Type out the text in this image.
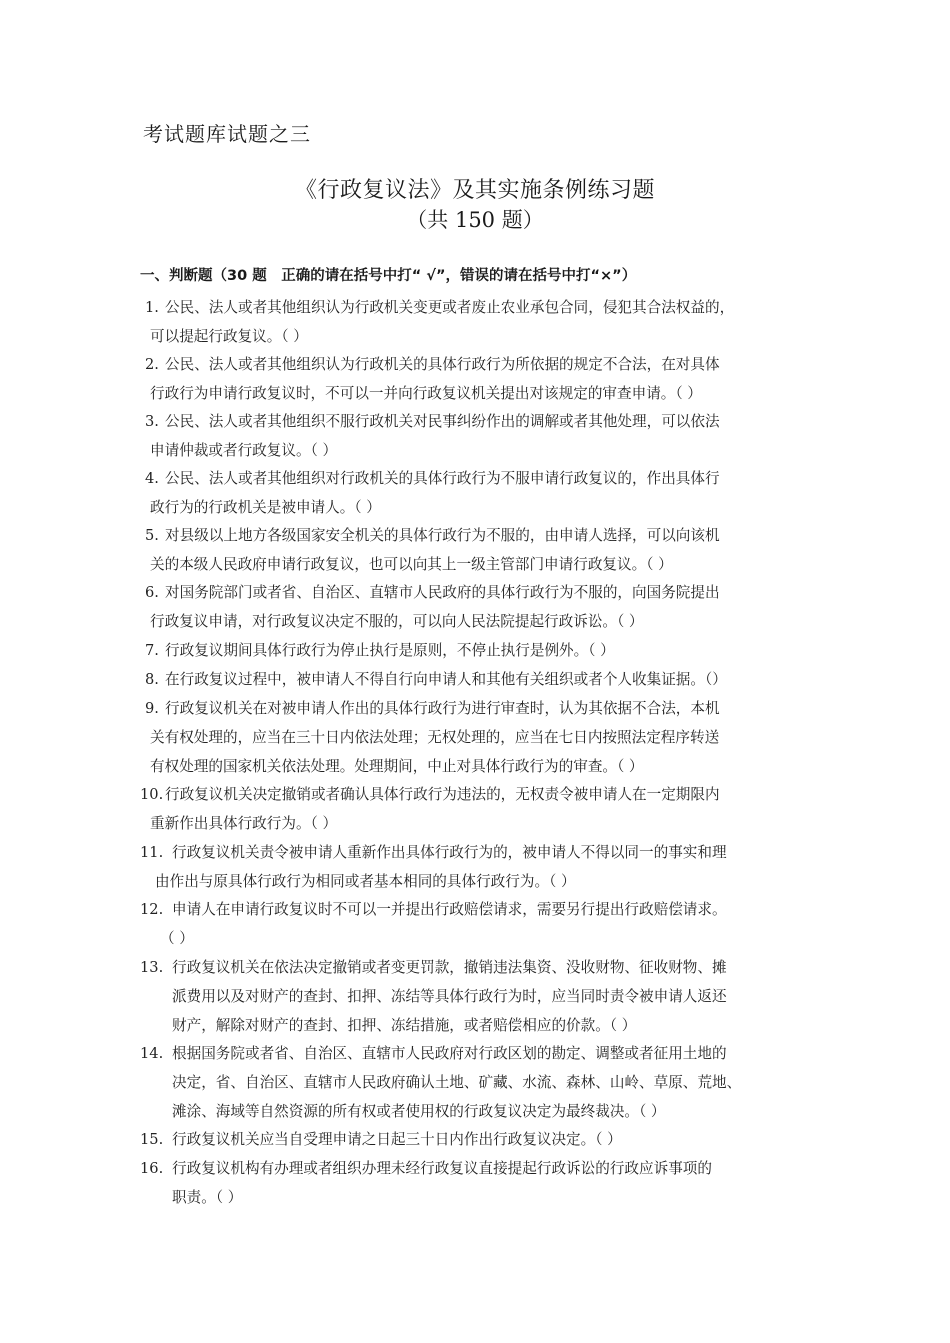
考试题库试题之三
《行政复议法》及其实施条例练习题
（共 150 题）
一、判断题（30 题　正确的请在括号中打“ √”，错误的请在括号中打“×”）
1. 公民、法人或者其他组织认为行政机关变更或者废止农业承包合同，侵犯其合法权益的，
可以提起行政复议。（ ）
2. 公民、法人或者其他组织认为行政机关的具体行政行为所依据的规定不合法，在对具体
行政行为申请行政复议时，不可以一并向行政复议机关提出对该规定的审查申请。（ ）
3. 公民、法人或者其他组织不服行政机关对民事纠纷作出的调解或者其他处理，可以依法
申请仲裁或者行政复议。（ ）
4. 公民、法人或者其他组织对行政机关的具体行政行为不服申请行政复议的，作出具体行
政行为的行政机关是被申请人。（ ）
5. 对县级以上地方各级国家安全机关的具体行政行为不服的，由申请人选择，可以向该机
关的本级人民政府申请行政复议，也可以向其上一级主管部门申请行政复议。（ ）
6. 对国务院部门或者省、自治区、直辖市人民政府的具体行政行为不服的，向国务院提出
行政复议申请，对行政复议决定不服的，可以向人民法院提起行政诉讼。（ ）
7. 行政复议期间具体行政行为停止执行是原则，不停止执行是例外。（ ）
8. 在行政复议过程中，被申请人不得自行向申请人和其他有关组织或者个人收集证据。（）
9. 行政复议机关在对被申请人作出的具体行政行为进行审查时，认为其依据不合法，本机
关有权处理的，应当在三十日内依法处理；无权处理的，应当在七日内按照法定程序转送
有权处理的国家机关依法处理。处理期间，中止对具体行政行为的审查。（ ）
10. 行政复议机关决定撤销或者确认具体行政行为违法的，无权责令被申请人在一定期限内
重新作出具体行政行为。（ ）
11. 行政复议机关责令被申请人重新作出具体行政行为的，被申请人不得以同一的事实和理
由作出与原具体行政行为相同或者基本相同的具体行政行为。（ ）
12. 申请人在申请行政复议时不可以一并提出行政赔偿请求，需要另行提出行政赔偿请求。
（ ）
13. 行政复议机关在依法决定撤销或者变更罚款，撤销违法集资、没收财物、征收财物、摊
派费用以及对财产的查封、扣押、冻结等具体行政行为时，应当同时责令被申请人返还
财产，解除对财产的查封、扣押、冻结措施，或者赔偿相应的价款。（ ）
14. 根据国务院或者省、自治区、直辖市人民政府对行政区划的勘定、调整或者征用土地的
决定，省、自治区、直辖市人民政府确认土地、矿藏、水流、森林、山岭、草原、荒地、
滩涂、海域等自然资源的所有权或者使用权的行政复议决定为最终裁决。（ ）
15. 行政复议机关应当自受理申请之日起三十日内作出行政复议决定。（ ）
16. 行政复议机构有办理或者组织办理未经行政复议直接提起行政诉讼的行政应诉事项的
职责。（ ）
